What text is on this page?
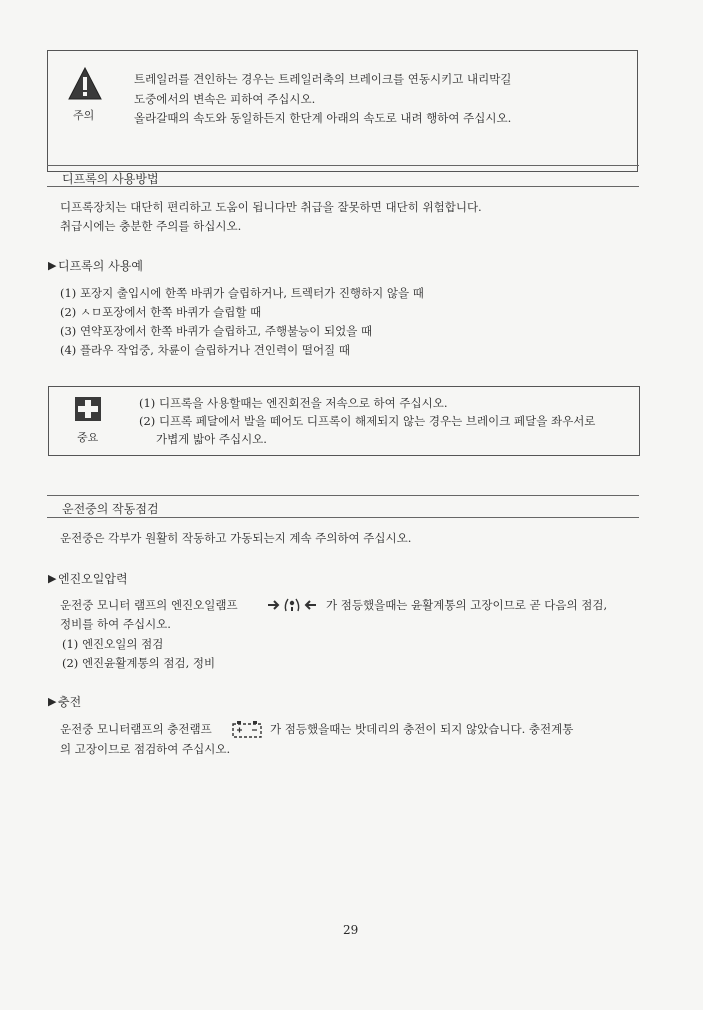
주의
트레일러를 견인하는 경우는 트레일러축의 브레이크를 연동시키고 내리막길
도중에서의 변속은 피하여 주십시오.
올라갈때의 속도와 동일하든지 한단계 아래의 속도로 내려 행하여 주십시오.
디프록의 사용방법
디프록장치는 대단히 편리하고 도움이 됩니다만 취급을 잘못하면 대단히 위험합니다.
취급시에는 충분한 주의를 하십시오.
▶ 디프록의 사용예
(1) 포장지 출입시에 한쪽 바퀴가 슬립하거나, 트렉터가 진행하지 않을 때
(2) ㅅㅁ포장에서 한쪽 바퀴가 슬립할 때
(3) 연약포장에서 한쪽 바퀴가 슬립하고, 주행불능이 되었을 때
(4) 플라우 작업중, 차륜이 슬립하거나 견인력이 떨어질 때
중요
(1) 디프록을 사용할때는 엔진회전을 저속으로 하여 주십시오.
(2) 디프록 페달에서 발을 떼어도 디프록이 해제되지 않는 경우는 브레이크 페달을 좌우서로
가볍게 밟아 주십시오.
운전중의 작동점검
운전중은 각부가 원활히 작동하고 가동되는지 계속 주의하여 주십시오.
▶ 엔진오일압력
운전중 모니터 램프의 엔진오일램프	가 점등했을때는 윤활계통의 고장이므로 곧 다음의 점검,
정비를 하여 주십시오.
(1) 엔진오일의 점검
(2) 엔진윤활계통의 점검, 정비
▶ 충전
운전중 모니터램프의 충전램프	가 점등했을때는 밧데리의 충전이 되지 않았습니다. 충전계통
의 고장이므로 점검하여 주십시오.
29
